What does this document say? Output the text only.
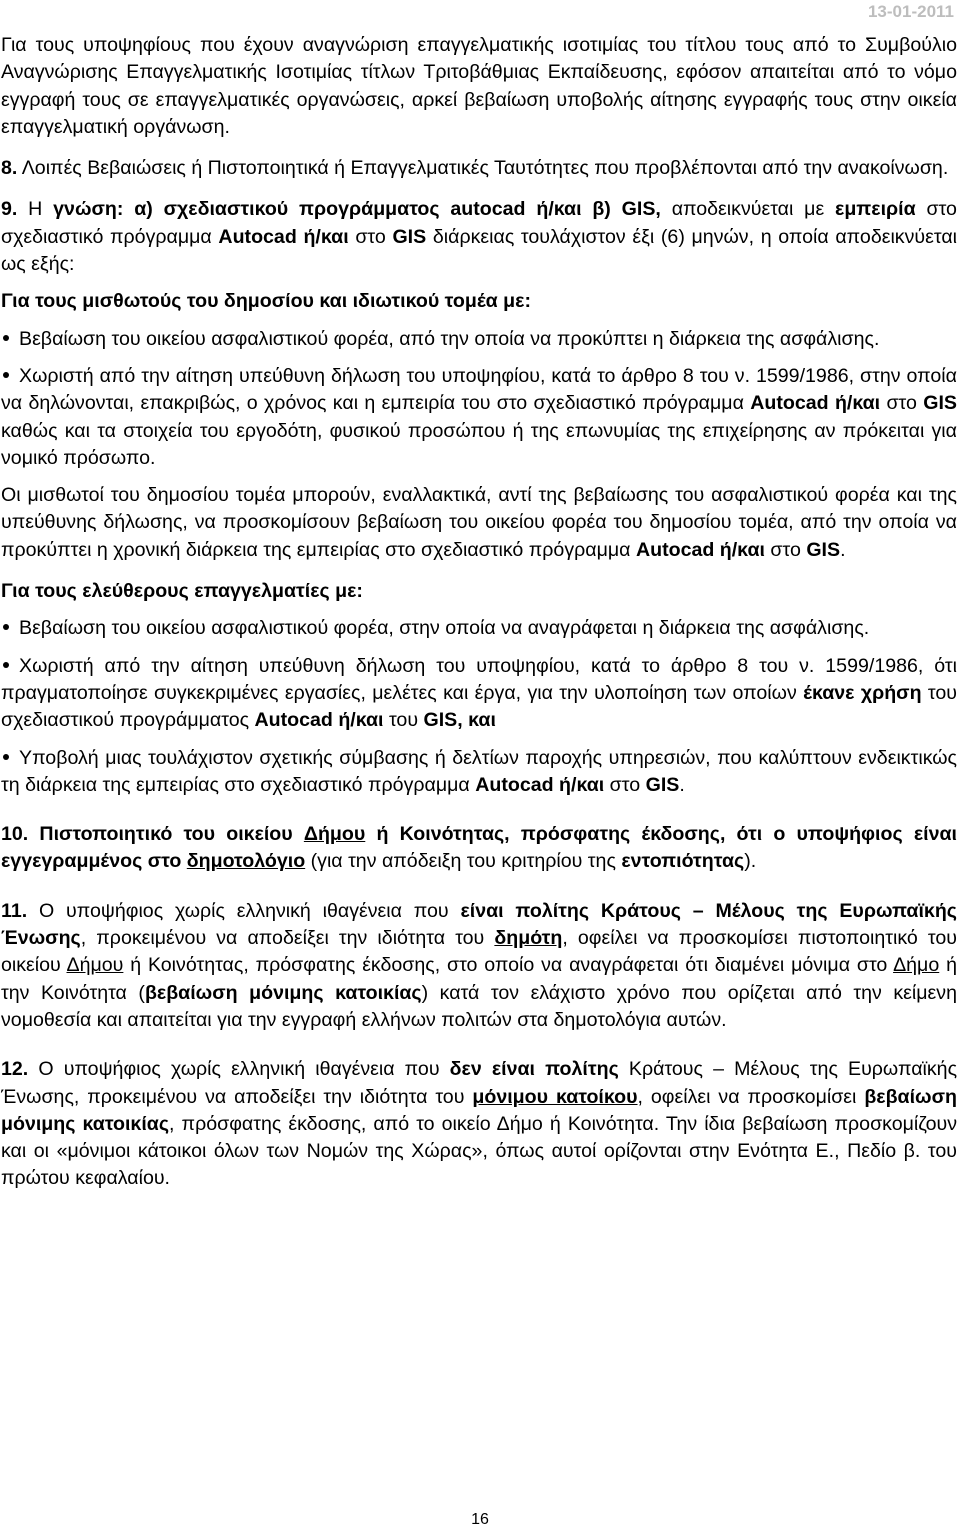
13-01-2011

Για τους υποψηφίους που έχουν αναγνώριση επαγγελματικής ισοτιμίας του τίτλου τους από το Συμβούλιο Αναγνώρισης Επαγγελματικής Ισοτιμίας τίτλων Τριτοβάθμιας Εκπαίδευσης, εφόσον απαιτείται από το νόμο εγγραφή τους σε επαγγελματικές οργανώσεις, αρκεί βεβαίωση υποβολής αίτησης εγγραφής τους στην οικεία επαγγελματική οργάνωση.

8. Λοιπές Βεβαιώσεις ή Πιστοποιητικά ή Επαγγελματικές Ταυτότητες που προβλέπονται από την ανακοίνωση.

9. Η γνώση: α) σχεδιαστικού προγράμματος autocad ή/και β) GIS, αποδεικνύεται με εμπειρία στο σχεδιαστικό πρόγραμμα Autocad ή/και στο GIS διάρκειας τουλάχιστον έξι (6) μηνών, η οποία αποδεικνύεται ως εξής:

Για τους μισθωτούς του δημοσίου και ιδιωτικού τομέα με:

Βεβαίωση του οικείου ασφαλιστικού φορέα, από την οποία να προκύπτει η διάρκεια της ασφάλισης.

Χωριστή από την αίτηση υπεύθυνη δήλωση του υποψηφίου, κατά το άρθρο 8 του ν. 1599/1986, στην οποία να δηλώνονται, επακριβώς, ο χρόνος και η εμπειρία του στο σχεδιαστικό πρόγραμμα Autocad ή/και στο GIS καθώς και τα στοιχεία του εργοδότη, φυσικού προσώπου ή της επωνυμίας της επιχείρησης αν πρόκειται για νομικό πρόσωπο.

Οι μισθωτοί του δημοσίου τομέα μπορούν, εναλλακτικά, αντί της βεβαίωσης του ασφαλιστικού φορέα και της υπεύθυνης δήλωσης, να προσκομίσουν βεβαίωση του οικείου φορέα του δημοσίου τομέα, από την οποία να προκύπτει η χρονική διάρκεια της εμπειρίας στο σχεδιαστικό πρόγραμμα Autocad ή/και στο GIS.

Για τους ελεύθερους επαγγελματίες με:

Βεβαίωση του οικείου ασφαλιστικού φορέα, στην οποία να αναγράφεται η διάρκεια της ασφάλισης.

Χωριστή από την αίτηση υπεύθυνη δήλωση του υποψηφίου, κατά το άρθρο 8 του ν. 1599/1986, ότι πραγματοποίησε συγκεκριμένες εργασίες, μελέτες και έργα, για την υλοποίηση των οποίων έκανε χρήση του σχεδιαστικού προγράμματος Autocad ή/και του GIS, και

Υποβολή μιας τουλάχιστον σχετικής σύμβασης ή δελτίων παροχής υπηρεσιών, που καλύπτουν ενδεικτικώς τη διάρκεια της εμπειρίας στο σχεδιαστικό πρόγραμμα Autocad ή/και στο GIS.

10. Πιστοποιητικό του οικείου Δήμου ή Κοινότητας, πρόσφατης έκδοσης, ότι ο υποψήφιος είναι εγγεγραμμένος στο δημοτολόγιο (για την απόδειξη του κριτηρίου της εντοπιότητας).

11. Ο υποψήφιος χωρίς ελληνική ιθαγένεια που είναι πολίτης Κράτους – Μέλους της Ευρωπαϊκής Ένωσης, προκειμένου να αποδείξει την ιδιότητα του δημότη, οφείλει να προσκομίσει πιστοποιητικό του οικείου Δήμου ή Κοινότητας, πρόσφατης έκδοσης, στο οποίο να αναγράφεται ότι διαμένει μόνιμα στο Δήμο ή την Κοινότητα (βεβαίωση μόνιμης κατοικίας) κατά τον ελάχιστο χρόνο που ορίζεται από την κείμενη νομοθεσία και απαιτείται για την εγγραφή ελλήνων πολιτών στα δημοτολόγια αυτών.

12. Ο υποψήφιος χωρίς ελληνική ιθαγένεια που δεν είναι πολίτης Κράτους – Μέλους της Ευρωπαϊκής Ένωσης, προκειμένου να αποδείξει την ιδιότητα του μόνιμου κατοίκου, οφείλει να προσκομίσει βεβαίωση μόνιμης κατοικίας, πρόσφατης έκδοσης, από το οικείο Δήμο ή Κοινότητα. Την ίδια βεβαίωση προσκομίζουν και οι «μόνιμοι κάτοικοι όλων των Νομών της Χώρας», όπως αυτοί ορίζονται στην Ενότητα Ε., Πεδίο β. του πρώτου κεφαλαίου.

16
